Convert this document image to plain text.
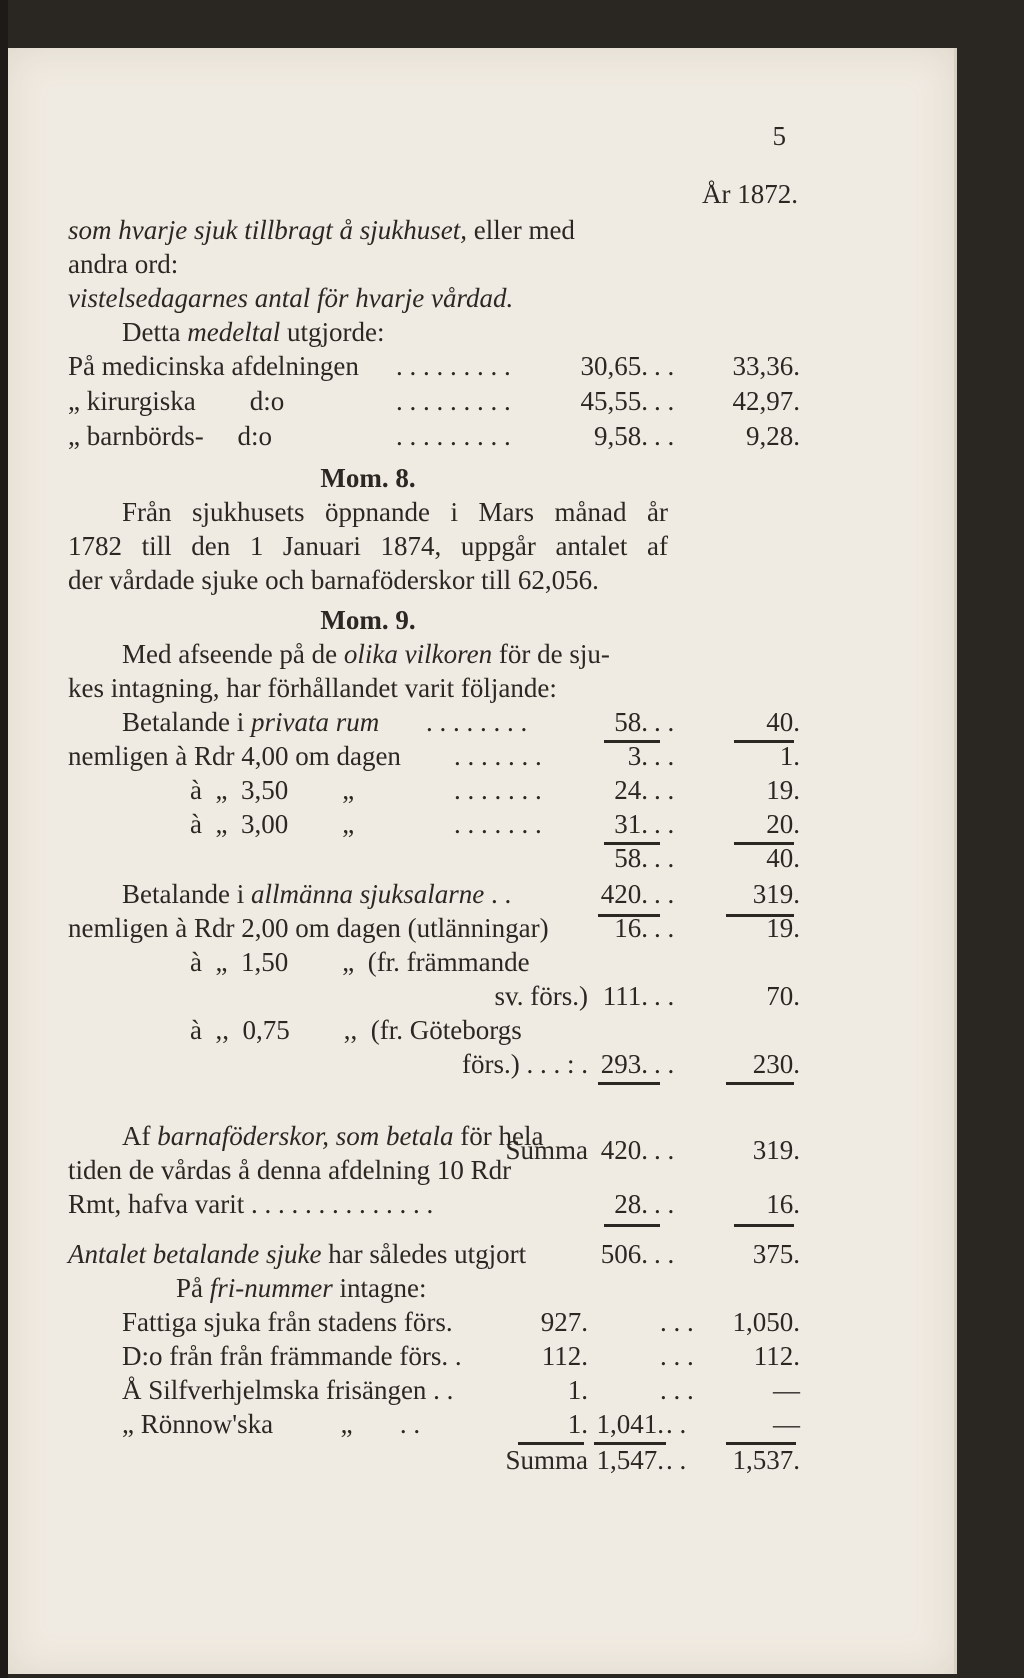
5
År 1872.
som hvarje sjuk tillbragt å sjukhuset, eller med
andra ord:
vistelsedagarnes antal för hvarje vårdad.
Detta medeltal utgjorde:
På medicinska afdelningen . . . . . . . . .	30,65. . .	33,36.
„ kirurgiska        d:o	. . . . . . . . .	45,55. . .	42,97.
„ barnbörds-     d:o	. . . . . . . . .	9,58. . .	9,28.
Mom. 8.
Från sjukhusets öppnande i Mars månad år
1782 till den 1 Januari 1874, uppgår antalet af
der vårdade sjuke och barnaföderskor till 62,056.
Mom. 9.
Med afseende på de olika vilkoren för de sju-
kes intagning, har förhållandet varit följande:
Betalande i privata rum . . . . . . . .	58. . .	40.
nemligen à Rdr 4,00 om dagen . . . . . . .	3. . .	1.
à  „  3,50        „	. . . . . . .	24. . .	19.
à  „  3,00        „	. . . . . . .	31. . .	20.
58. . .	40.
Betalande i allmänna sjuksalarne . .	420. . .	319.
nemligen à Rdr 2,00 om dagen (utlänningar)	16. . .	19.
à  „  1,50        „  (fr. främmande
sv. förs.) 111. . .	70.
à  ,,  0,75        ,,  (fr. Göteborgs
förs.) . . . : . 293. . .	230.
Summa 420. . .	319.
Af barnaföderskor, som betala för hela
tiden de vårdas å denna afdelning 10 Rdr
Rmt, hafva varit . . . . . . . . . . . . . .	28. . .	16.
Antalet betalande sjuke har således utgjort	506. . .	375.
På fri-nummer intagne:
Fattiga sjuka från stadens förs.	927.	. . .	1,050.
D:o från från främmande förs. .	112.	. . .	112.
Å Silfverhjelmska frisängen . .	1.	. . .	—
„ Rönnow'ska          „       . .	1. 1,041. . .	—
Summa 1,547. . .	1,537.
